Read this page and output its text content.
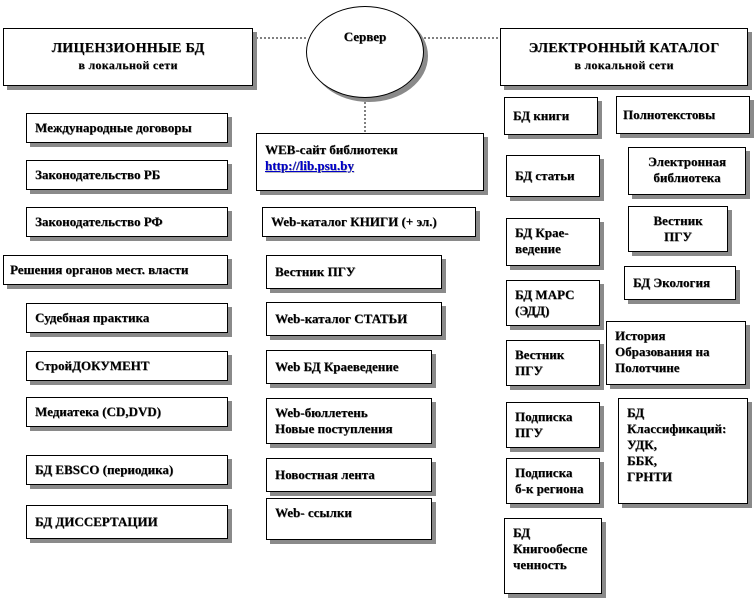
Сервер
ЛИЦЕНЗИОННЫЕ БД
в локальной сети
ЭЛЕКТРОННЫЙ КАТАЛОГ
в локальной сети
Международные договоры
Законодательство РБ
Законодательство РФ
Решения органов мест. власти
Судебная практика
СтройДОКУМЕНТ
Медиатека (CD,DVD)
БД EBSCO (периодика)
БД ДИССЕРТАЦИИ
WEB-сайт библиотеки
http://lib.psu.by
Web-каталог КНИГИ (+ эл.)
Вестник ПГУ
Web-каталог СТАТЬИ
Web БД Краеведение
Web-бюллетень
Новые поступления
Новостная лента
Web- ссылки
БД книги
БД статьи
БД Крае-
ведение
БД МАРС
(ЭДД)
Вестник
ПГУ
Подписка
ПГУ
Подписка
б-к региона
БД
Книгообеспе
ченность
Полнотекстовы
Электронная
библиотека
Вестник
ПГУ
БД Экология
История
Образования на
Полотчине
БД
Классификаций:
УДК,
ББК,
ГРНТИ
